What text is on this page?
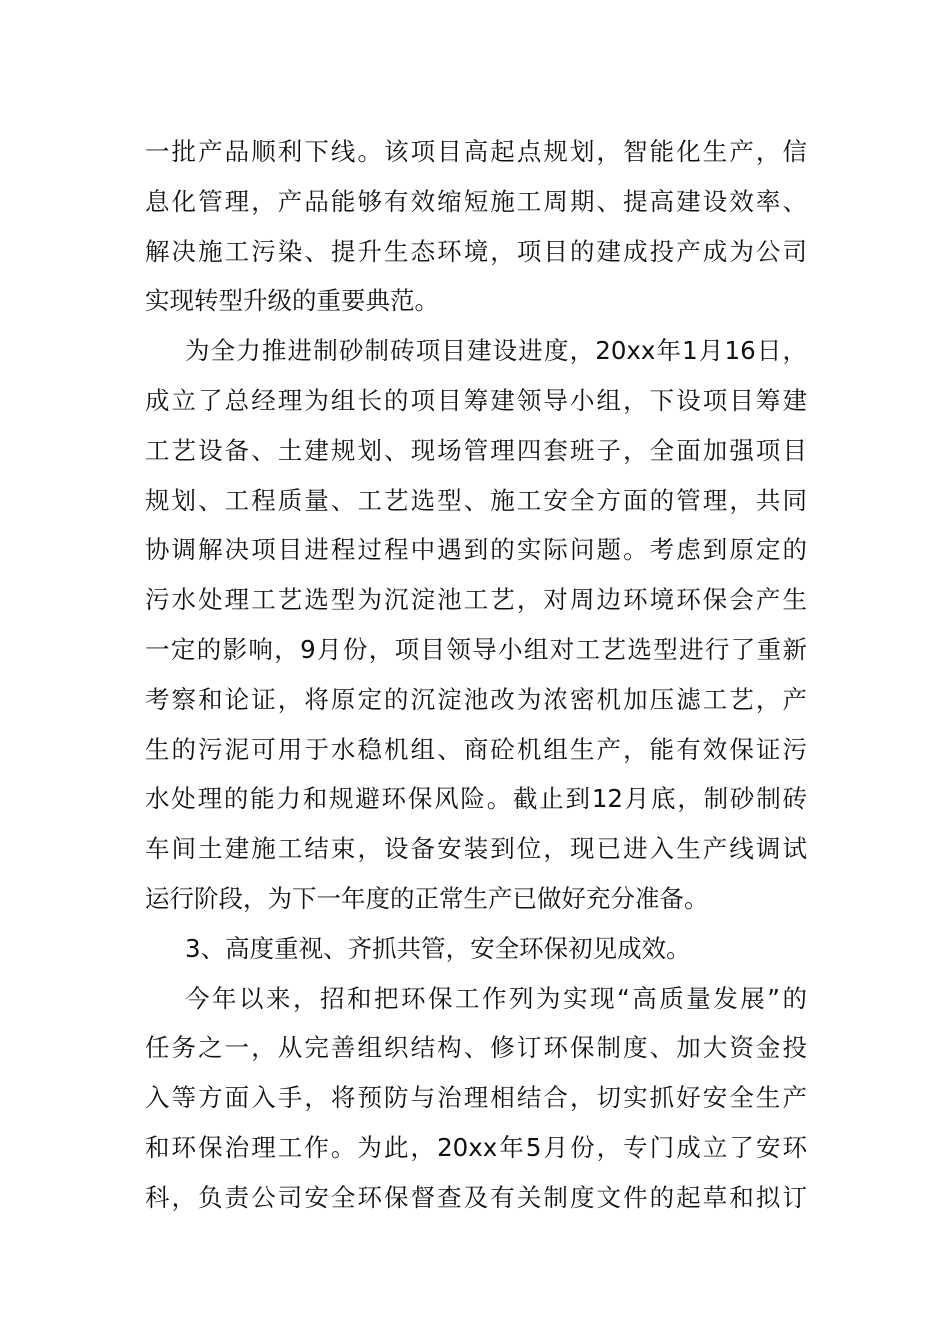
一批产品顺利下线。该项目高起点规划，智能化生产，信
息化管理，产品能够有效缩短施工周期、提高建设效率、
解决施工污染、提升生态环境，项目的建成投产成为公司
实现转型升级的重要典范。
为全力推进制砂制砖项目建设进度，20xx年1月16日，
成立了总经理为组长的项目筹建领导小组，下设项目筹建
工艺设备、土建规划、现场管理四套班子，全面加强项目
规划、工程质量、工艺选型、施工安全方面的管理，共同
协调解决项目进程过程中遇到的实际问题。考虑到原定的
污水处理工艺选型为沉淀池工艺，对周边环境环保会产生
一定的影响，9月份，项目领导小组对工艺选型进行了重新
考察和论证，将原定的沉淀池改为浓密机加压滤工艺，产
生的污泥可用于水稳机组、商砼机组生产，能有效保证污
水处理的能力和规避环保风险。截止到12月底，制砂制砖
车间土建施工结束，设备安装到位，现已进入生产线调试
运行阶段，为下一年度的正常生产已做好充分准备。
3、高度重视、齐抓共管，安全环保初见成效。
今年以来，招和把环保工作列为实现“高质量发展”的
任务之一，从完善组织结构、修订环保制度、加大资金投
入等方面入手，将预防与治理相结合，切实抓好安全生产
和环保治理工作。为此，20xx年5月份，专门成立了安环
科，负责公司安全环保督查及有关制度文件的起草和拟订
